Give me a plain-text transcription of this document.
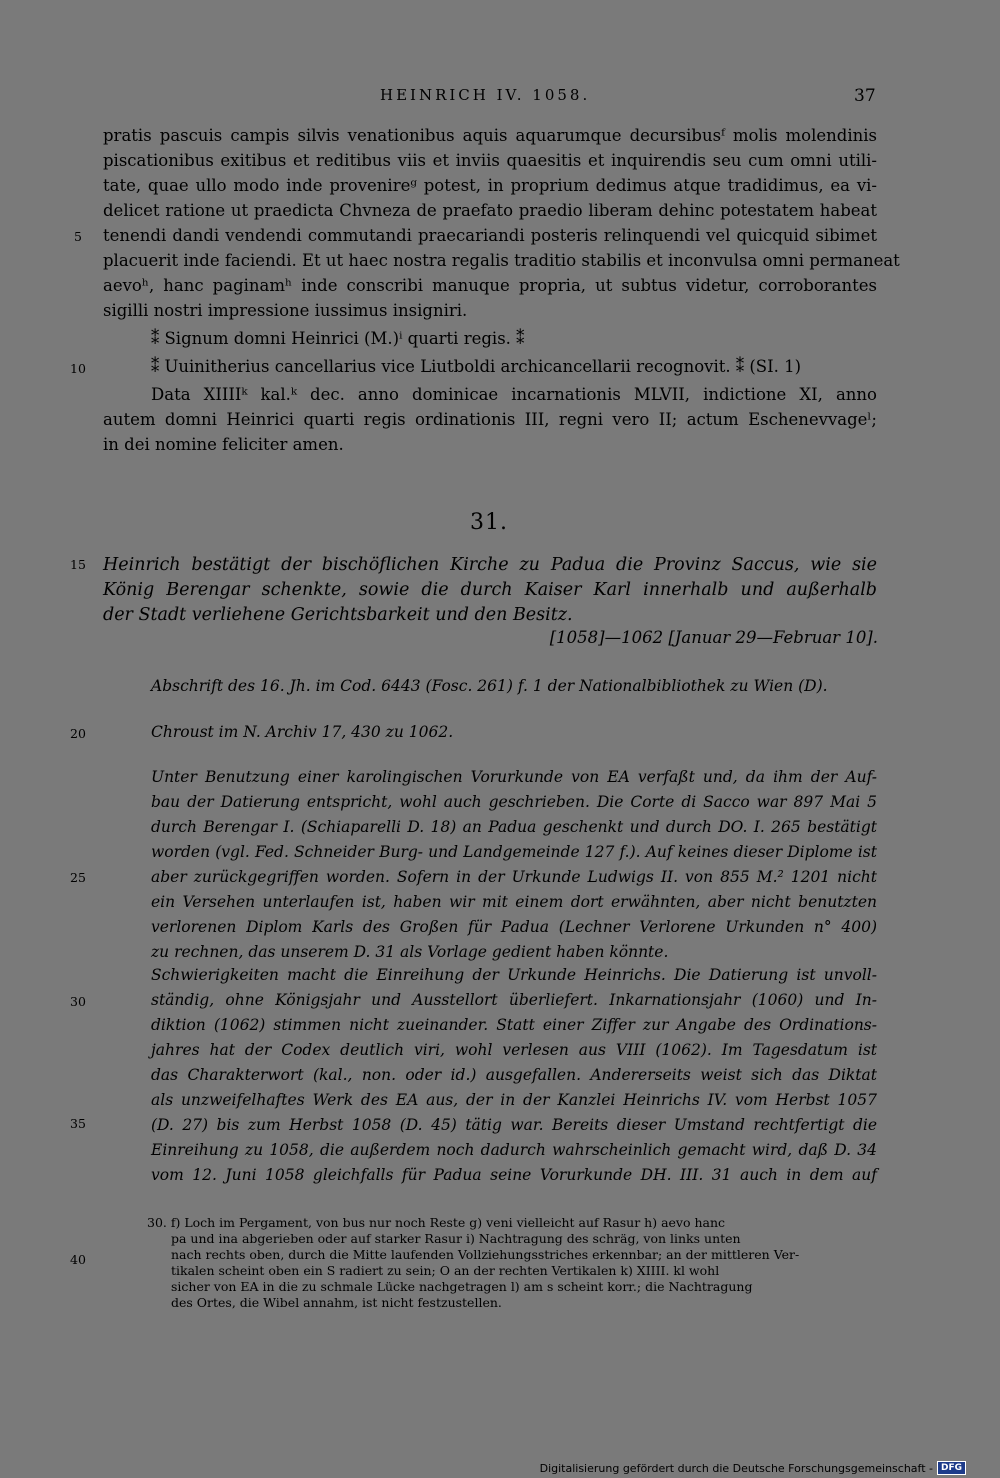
HEINRICH IV. 1058.	37
5
10
15
20
25
30
35
40
pratis pascuis campis silvis venationibus aquis aquarumque decursibusᶠ molis molendinis
piscationibus exitibus et reditibus viis et inviis quaesitis et inquirendis seu cum omni utili-
tate, quae ullo modo inde provenireᵍ potest, in proprium dedimus atque tradidimus, ea vi-
delicet ratione ut praedicta Chvneza de praefato praedio liberam dehinc potestatem habeat
tenendi dandi vendendi commutandi praecariandi posteris relinquendi vel quicquid sibimet
placuerit inde faciendi. Et ut haec nostra regalis traditio stabilis et inconvulsa omni permaneat
aevoʰ, hanc paginamʰ inde conscribi manuque propria, ut subtus videtur, corroborantes
sigilli nostri impressione iussimus insigniri.
⁑ Signum domni Heinrici (M.)ⁱ quarti regis. ⁑
⁑ Uuinitherius cancellarius vice Liutboldi archicancellarii recognovit. ⁑ (SI. 1)
Data XIIIIᵏ kal.ᵏ dec. anno dominicae incarnationis MLVII, indictione XI, anno
autem domni Heinrici quarti regis ordinationis III, regni vero II; actum Eschenevvageˡ;
in dei nomine feliciter amen.
31.
Heinrich bestätigt der bischöflichen Kirche zu Padua die Provinz Saccus, wie sie
König Berengar schenkte, sowie die durch Kaiser Karl innerhalb und außerhalb
der Stadt verliehene Gerichtsbarkeit und den Besitz.
[1058]—1062 [Januar 29—Februar 10].
Abschrift des 16. Jh. im Cod. 6443 (Fosc. 261) f. 1 der Nationalbibliothek zu Wien (D).
Chroust im N. Archiv 17, 430 zu 1062.
Unter Benutzung einer karolingischen Vorurkunde von EA verfaßt und, da ihm der Auf-
bau der Datierung entspricht, wohl auch geschrieben. Die Corte di Sacco war 897 Mai 5
durch Berengar I. (Schiaparelli D. 18) an Padua geschenkt und durch DO. I. 265 bestätigt
worden (vgl. Fed. Schneider Burg- und Landgemeinde 127 f.). Auf keines dieser Diplome ist
aber zurückgegriffen worden. Sofern in der Urkunde Ludwigs II. von 855 M.² 1201 nicht
ein Versehen unterlaufen ist, haben wir mit einem dort erwähnten, aber nicht benutzten
verlorenen Diplom Karls des Großen für Padua (Lechner Verlorene Urkunden n° 400)
zu rechnen, das unserem D. 31 als Vorlage gedient haben könnte.
Schwierigkeiten macht die Einreihung der Urkunde Heinrichs. Die Datierung ist unvoll-
ständig, ohne Königsjahr und Ausstellort überliefert. Inkarnationsjahr (1060) und In-
diktion (1062) stimmen nicht zueinander. Statt einer Ziffer zur Angabe des Ordinations-
jahres hat der Codex deutlich viri, wohl verlesen aus VIII (1062). Im Tagesdatum ist
das Charakterwort (kal., non. oder id.) ausgefallen. Andererseits weist sich das Diktat
als unzweifelhaftes Werk des EA aus, der in der Kanzlei Heinrichs IV. vom Herbst 1057
(D. 27) bis zum Herbst 1058 (D. 45) tätig war. Bereits dieser Umstand rechtfertigt die
Einreihung zu 1058, die außerdem noch dadurch wahrscheinlich gemacht wird, daß D. 34
vom 12. Juni 1058 gleichfalls für Padua seine Vorurkunde DH. III. 31 auch in dem auf
30. f) Loch im Pergament, von bus nur noch Reste g) veni vielleicht auf Rasur h) aevo hanc
pa und ina abgerieben oder auf starker Rasur i) Nachtragung des schräg, von links unten
nach rechts oben, durch die Mitte laufenden Vollziehungsstriches erkennbar; an der mittleren Ver-
tikalen scheint oben ein S radiert zu sein; O an der rechten Vertikalen k) XIIII. kl wohl
sicher von EA in die zu schmale Lücke nachgetragen l) am s scheint korr.; die Nachtragung
des Ortes, die Wibel annahm, ist nicht festzustellen.
Digitalisierung gefördert durch die Deutsche Forschungsgemeinschaft - DFG
